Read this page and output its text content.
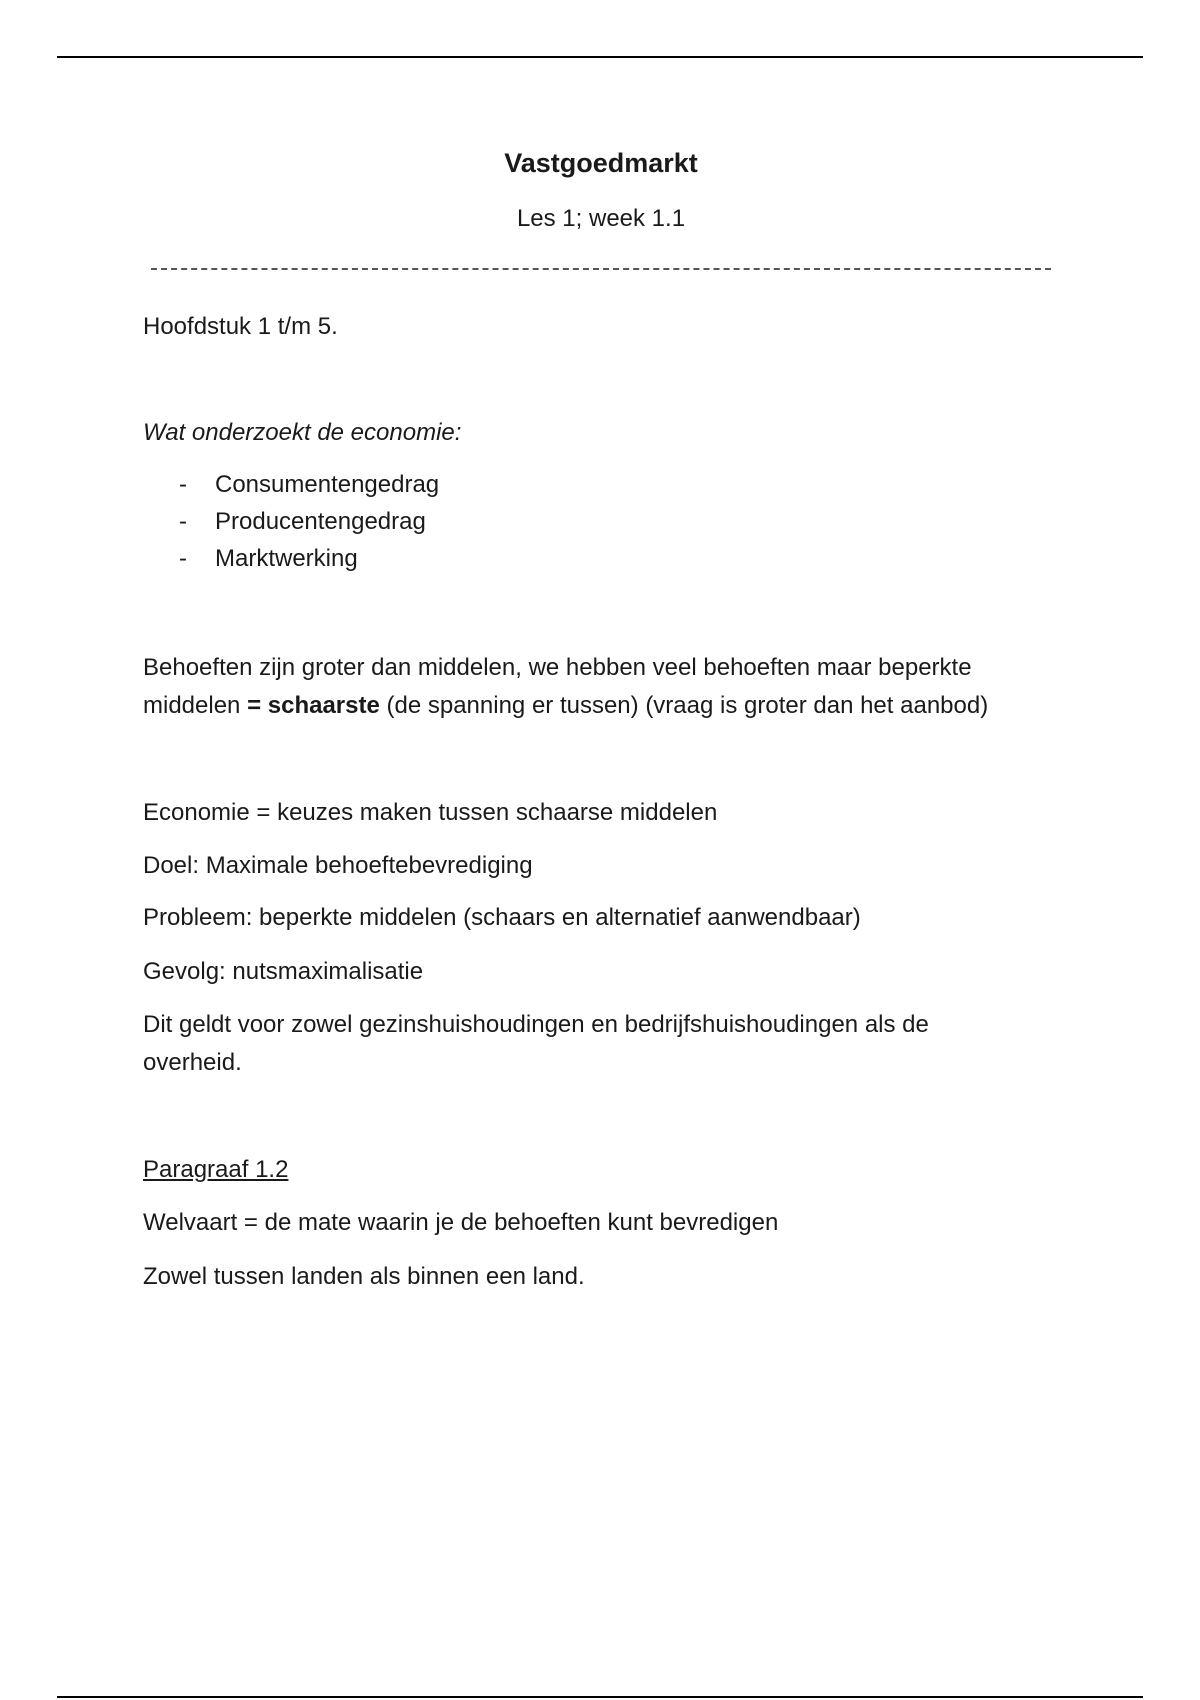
Vastgoedmarkt
Les 1; week 1.1
Hoofdstuk 1 t/m 5.
Wat onderzoekt de economie:
- Consumentengedrag
- Producentengedrag
- Marktwerking
Behoeften zijn groter dan middelen, we hebben veel behoeften maar beperkte
middelen = schaarste (de spanning er tussen) (vraag is groter dan het aanbod)
Economie = keuzes maken tussen schaarse middelen
Doel: Maximale behoeftebevrediging
Probleem: beperkte middelen (schaars en alternatief aanwendbaar)
Gevolg: nutsmaximalisatie
Dit geldt voor zowel gezinshuishoudingen en bedrijfshuishoudingen als de
overheid.
Paragraaf 1.2
Welvaart = de mate waarin je de behoeften kunt bevredigen
Zowel tussen landen als binnen een land.
